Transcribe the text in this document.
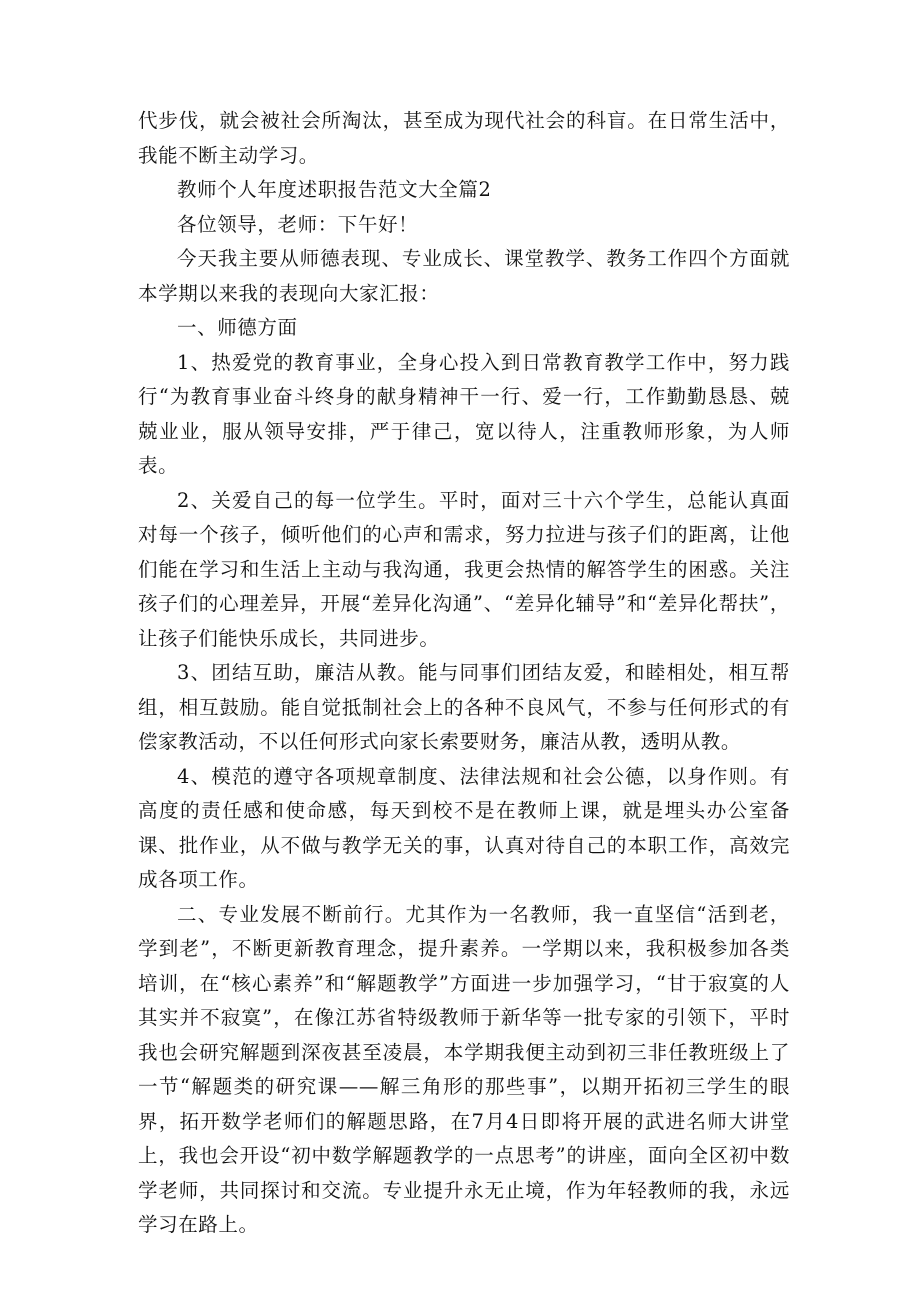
代步伐，就会被社会所淘汰，甚至成为现代社会的科盲。在日常生活中，我能不断主动学习。

教师个人年度述职报告范文大全篇2

各位领导，老师：下午好！

今天我主要从师德表现、专业成长、课堂教学、教务工作四个方面就本学期以来我的表现向大家汇报：

一、师德方面

1、热爱党的教育事业，全身心投入到日常教育教学工作中，努力践行“为教育事业奋斗终身的献身精神干一行、爱一行，工作勤勤恳恳、兢兢业业，服从领导安排，严于律己，宽以待人，注重教师形象，为人师表。

2、关爱自己的每一位学生。平时，面对三十六个学生，总能认真面对每一个孩子，倾听他们的心声和需求，努力拉进与孩子们的距离，让他们能在学习和生活上主动与我沟通，我更会热情的解答学生的困惑。关注孩子们的心理差异，开展“差异化沟通”、“差异化辅导”和“差异化帮扶”，让孩子们能快乐成长，共同进步。

3、团结互助，廉洁从教。能与同事们团结友爱，和睦相处，相互帮组，相互鼓励。能自觉抵制社会上的各种不良风气，不参与任何形式的有偿家教活动，不以任何形式向家长索要财务，廉洁从教，透明从教。

4、模范的遵守各项规章制度、法律法规和社会公德，以身作则。有高度的责任感和使命感，每天到校不是在教师上课，就是埋头办公室备课、批作业，从不做与教学无关的事，认真对待自己的本职工作，高效完成各项工作。

二、专业发展不断前行。尤其作为一名教师，我一直坚信“活到老，学到老”，不断更新教育理念，提升素养。一学期以来，我积极参加各类培训，在“核心素养”和“解题教学”方面进一步加强学习，“甘于寂寞的人其实并不寂寞”，在像江苏省特级教师于新华等一批专家的引领下，平时我也会研究解题到深夜甚至凌晨，本学期我便主动到初三非任教班级上了一节“解题类的研究课——解三角形的那些事”，以期开拓初三学生的眼界，拓开数学老师们的解题思路，在7月4日即将开展的武进名师大讲堂上，我也会开设“初中数学解题教学的一点思考”的讲座，面向全区初中数学老师，共同探讨和交流。专业提升永无止境，作为年轻教师的我，永远学习在路上。
